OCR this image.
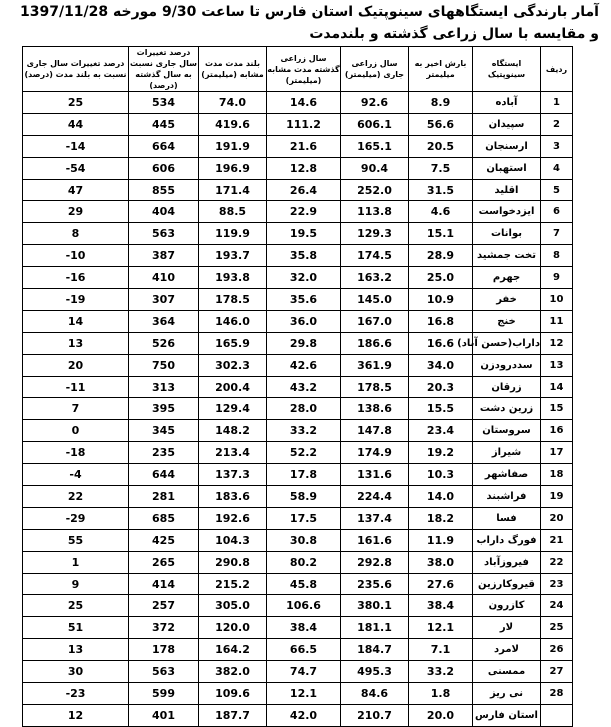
آمار بارندگی ایستگاههای سینوپتیک استان فارس تا ساعت 9/30 مورخه 1397/11/28
و مقایسه با سال زراعی گذشته و بلندمدت
ردیف	ایستگاه سینوپتیک	بارش اخیر به میلیمتر	سال زراعی جاری (میلیمتر)	سال زراعی گذشته مدت مشابه (میلیمتر)	بلند مدت مدت مشابه (میلیمتر)	درصد تغییرات سال جاری نسبت به سال گذشته (درصد)	درصد تغییرات سال جاری نسبت به بلند مدت (درصد)
1	آباده	8.9	92.6	14.6	74.0	534	25
2	سپیدان	56.6	606.1	111.2	419.6	445	44
3	ارسنجان	20.5	165.1	21.6	191.9	664	-14
4	استهبان	7.5	90.4	12.8	196.9	606	-54
5	اقلید	31.5	252.0	26.4	171.4	855	47
6	ایزدخواست	4.6	113.8	22.9	88.5	404	29
7	بوانات	15.1	129.3	19.5	119.9	563	8
8	تخت جمشید	28.9	174.5	35.8	193.7	387	-10
9	جهرم	25.0	163.2	32.0	193.8	410	-16
10	خفر	10.9	145.0	35.6	178.5	307	-19
11	خنج	16.8	167.0	36.0	146.0	364	14
12	داراب(حسن آباد)	16.6	186.6	29.8	165.9	526	13
13	سددرودزن	34.0	361.9	42.6	302.3	750	20
14	زرقان	20.3	178.5	43.2	200.4	313	-11
15	زرین دشت	15.5	138.6	28.0	129.4	395	7
16	سروستان	23.4	147.8	33.2	148.2	345	0
17	شیراز	19.2	174.9	52.2	213.4	235	-18
18	صفاشهر	10.3	131.6	17.8	137.3	644	-4
19	فراشبند	14.0	224.4	58.9	183.6	281	22
20	فسا	18.2	137.4	17.5	192.6	685	-29
21	فورگ داراب	11.9	161.6	30.8	104.3	425	55
22	فیروزآباد	38.0	292.8	80.2	290.8	265	1
23	قیروکارزین	27.6	235.6	45.8	215.2	414	9
24	کازرون	38.4	380.1	106.6	305.0	257	25
25	لار	12.1	181.1	38.4	120.0	372	51
26	لامرد	7.1	184.7	66.5	164.2	178	13
27	ممسنی	33.2	495.3	74.7	382.0	563	30
28	نی ریز	1.8	84.6	12.1	109.6	599	-23
	استان فارس	20.0	210.7	42.0	187.7	401	12
